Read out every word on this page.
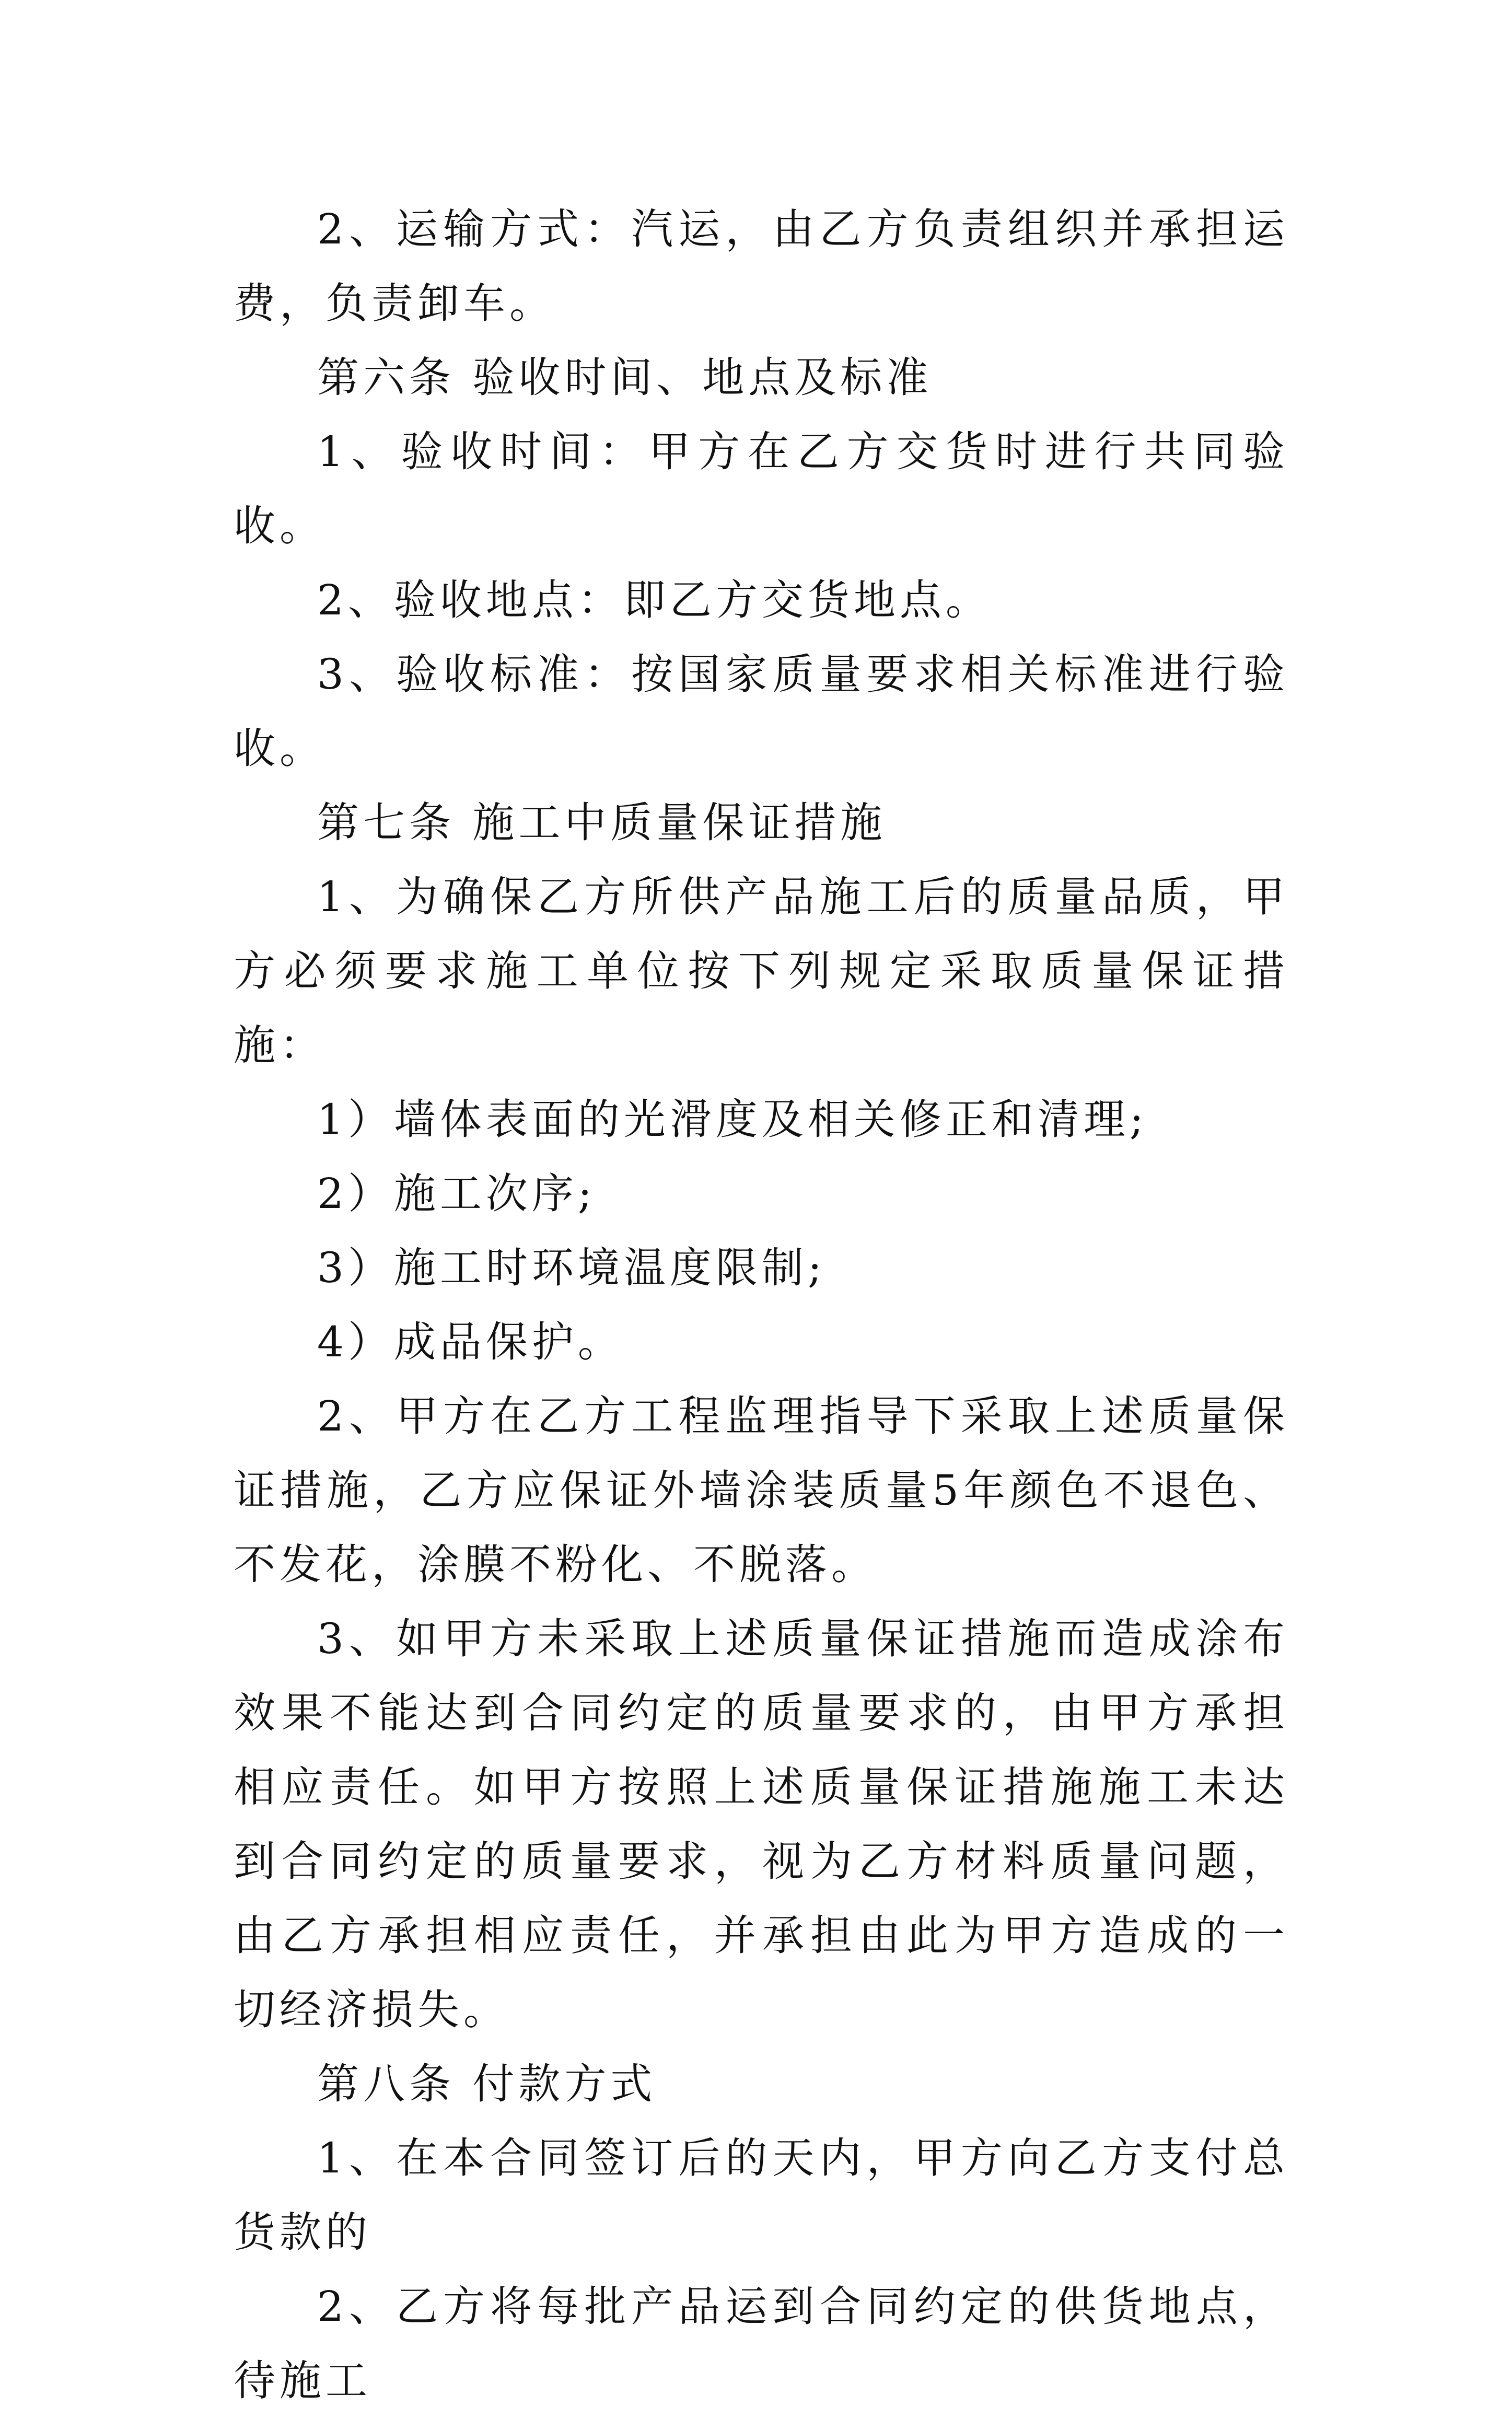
2、运输方式：汽运，由乙方负责组织并承担运费，负责卸车。

第六条 验收时间、地点及标准

1、验收时间：甲方在乙方交货时进行共同验收。

2、验收地点：即乙方交货地点。

3、验收标准：按国家质量要求相关标准进行验收。

第七条 施工中质量保证措施

1、为确保乙方所供产品施工后的质量品质，甲方必须要求施工单位按下列规定采取质量保证措施：

1）墙体表面的光滑度及相关修正和清理;

2）施工次序;

3）施工时环境温度限制;

4）成品保护。

2、甲方在乙方工程监理指导下采取上述质量保证措施，乙方应保证外墙涂装质量5年颜色不退色、不发花，涂膜不粉化、不脱落。

3、如甲方未采取上述质量保证措施而造成涂布效果不能达到合同约定的质量要求的，由甲方承担相应责任。如甲方按照上述质量保证措施施工未达到合同约定的质量要求，视为乙方材料质量问题，由乙方承担相应责任，并承担由此为甲方造成的一切经济损失。

第八条 付款方式

1、在本合同签订后的天内，甲方向乙方支付总货款的

2、乙方将每批产品运到合同约定的供货地点，待施工
